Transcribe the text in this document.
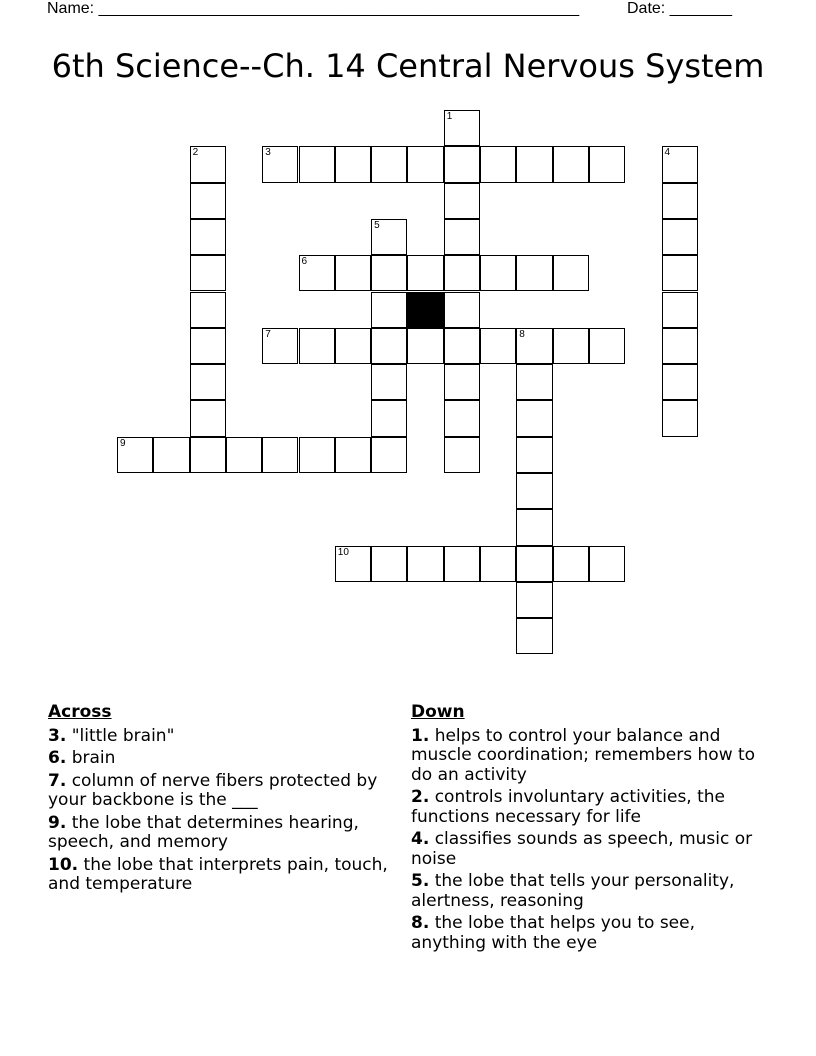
Name: ______________________________________________________	Date: _______
6th Science--Ch. 14 Central Nervous System
1
2	3	4
5
6
7	8
9
10
Across
3. "little brain"
6. brain
7. column of nerve fibers protected by your backbone is the ___
9. the lobe that determines hearing, speech, and memory
10. the lobe that interprets pain, touch, and temperature
Down
1. helps to control your balance and muscle coordination; remembers how to do an activity
2. controls involuntary activities, the functions necessary for life
4. classifies sounds as speech, music or noise
5. the lobe that tells your personality, alertness, reasoning
8. the lobe that helps you to see, anything with the eye
